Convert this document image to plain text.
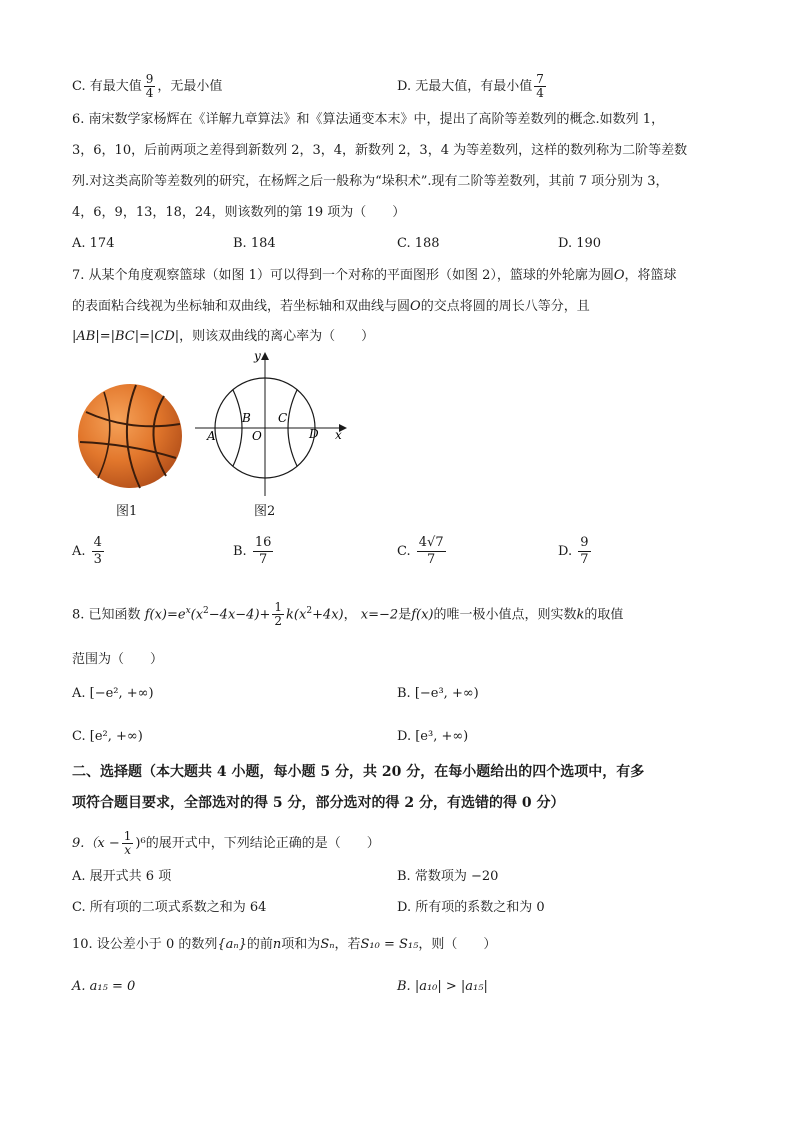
C. 有最大值 $\frac{9}{4}$ ，无最小值	D. 无最大值，有最小值 $\frac{7}{4}$
6. 南宋数学家杨辉在《详解九章算法》和《算法通变本末》中，提出了高阶等差数列的概念.如数列 1，
3，6，10，后前两项之差得到新数列 2，3，4，新数列 2，3，4 为等差数列，这样的数列称为二阶等差数
列.对这类高阶等差数列的研究，在杨辉之后一般称为“垛积术”.现有二阶等差数列，其前 7 项分别为 3，
4，6，9，13，18，24，则该数列的第 19 项为（　　）
A. 174	B. 184	C. 188	D. 190
7. 从某个角度观察篮球（如图 1）可以得到一个对称的平面图形（如图 2），篮球的外轮廓为圆O，将篮球
的表面粘合线视为坐标轴和双曲线，若坐标轴和双曲线与圆O的交点将圆的周长八等分，且
|AB|=|BC|=|CD|，则该双曲线的离心率为（　　）
图1
y
x
A
B
O
C
D
图2
A. $\frac{4}{3}$	B. $\frac{16}{7}$	C. $\frac{4√7}{7}$	D. $\frac{9}{7}$
8. 已知函数 $f(x)=e^x(x^2-4x-4)+ \frac{1}{2} k(x^2+4x)$， x=−2是f(x)的唯一极小值点，则实数k的取值
范围为（　　）
A. [−e², +∞)	B. [−e³, +∞)
C. [e², +∞)	D. [e³, +∞)
二、选择题（本大题共 4 小题，每小题 5 分，共 20 分，在每小题给出的四个选项中，有多
项符合题目要求，全部选对的得 5 分，部分选对的得 2 分，有选错的得 0 分）
$9.(x - \frac{1}{x} )^6$的展开式中，下列结论正确的是（　　）
A. 展开式共 6 项	B. 常数项为 −20
C. 所有项的二项式系数之和为 64	D. 所有项的系数之和为 0
10. 设公差小于 0 的数列{aₙ}的前n项和为Sₙ，若S₁₀ = S₁₅，则（　　）
A. a₁₅ = 0	B. |a₁₀| > |a₁₅|
